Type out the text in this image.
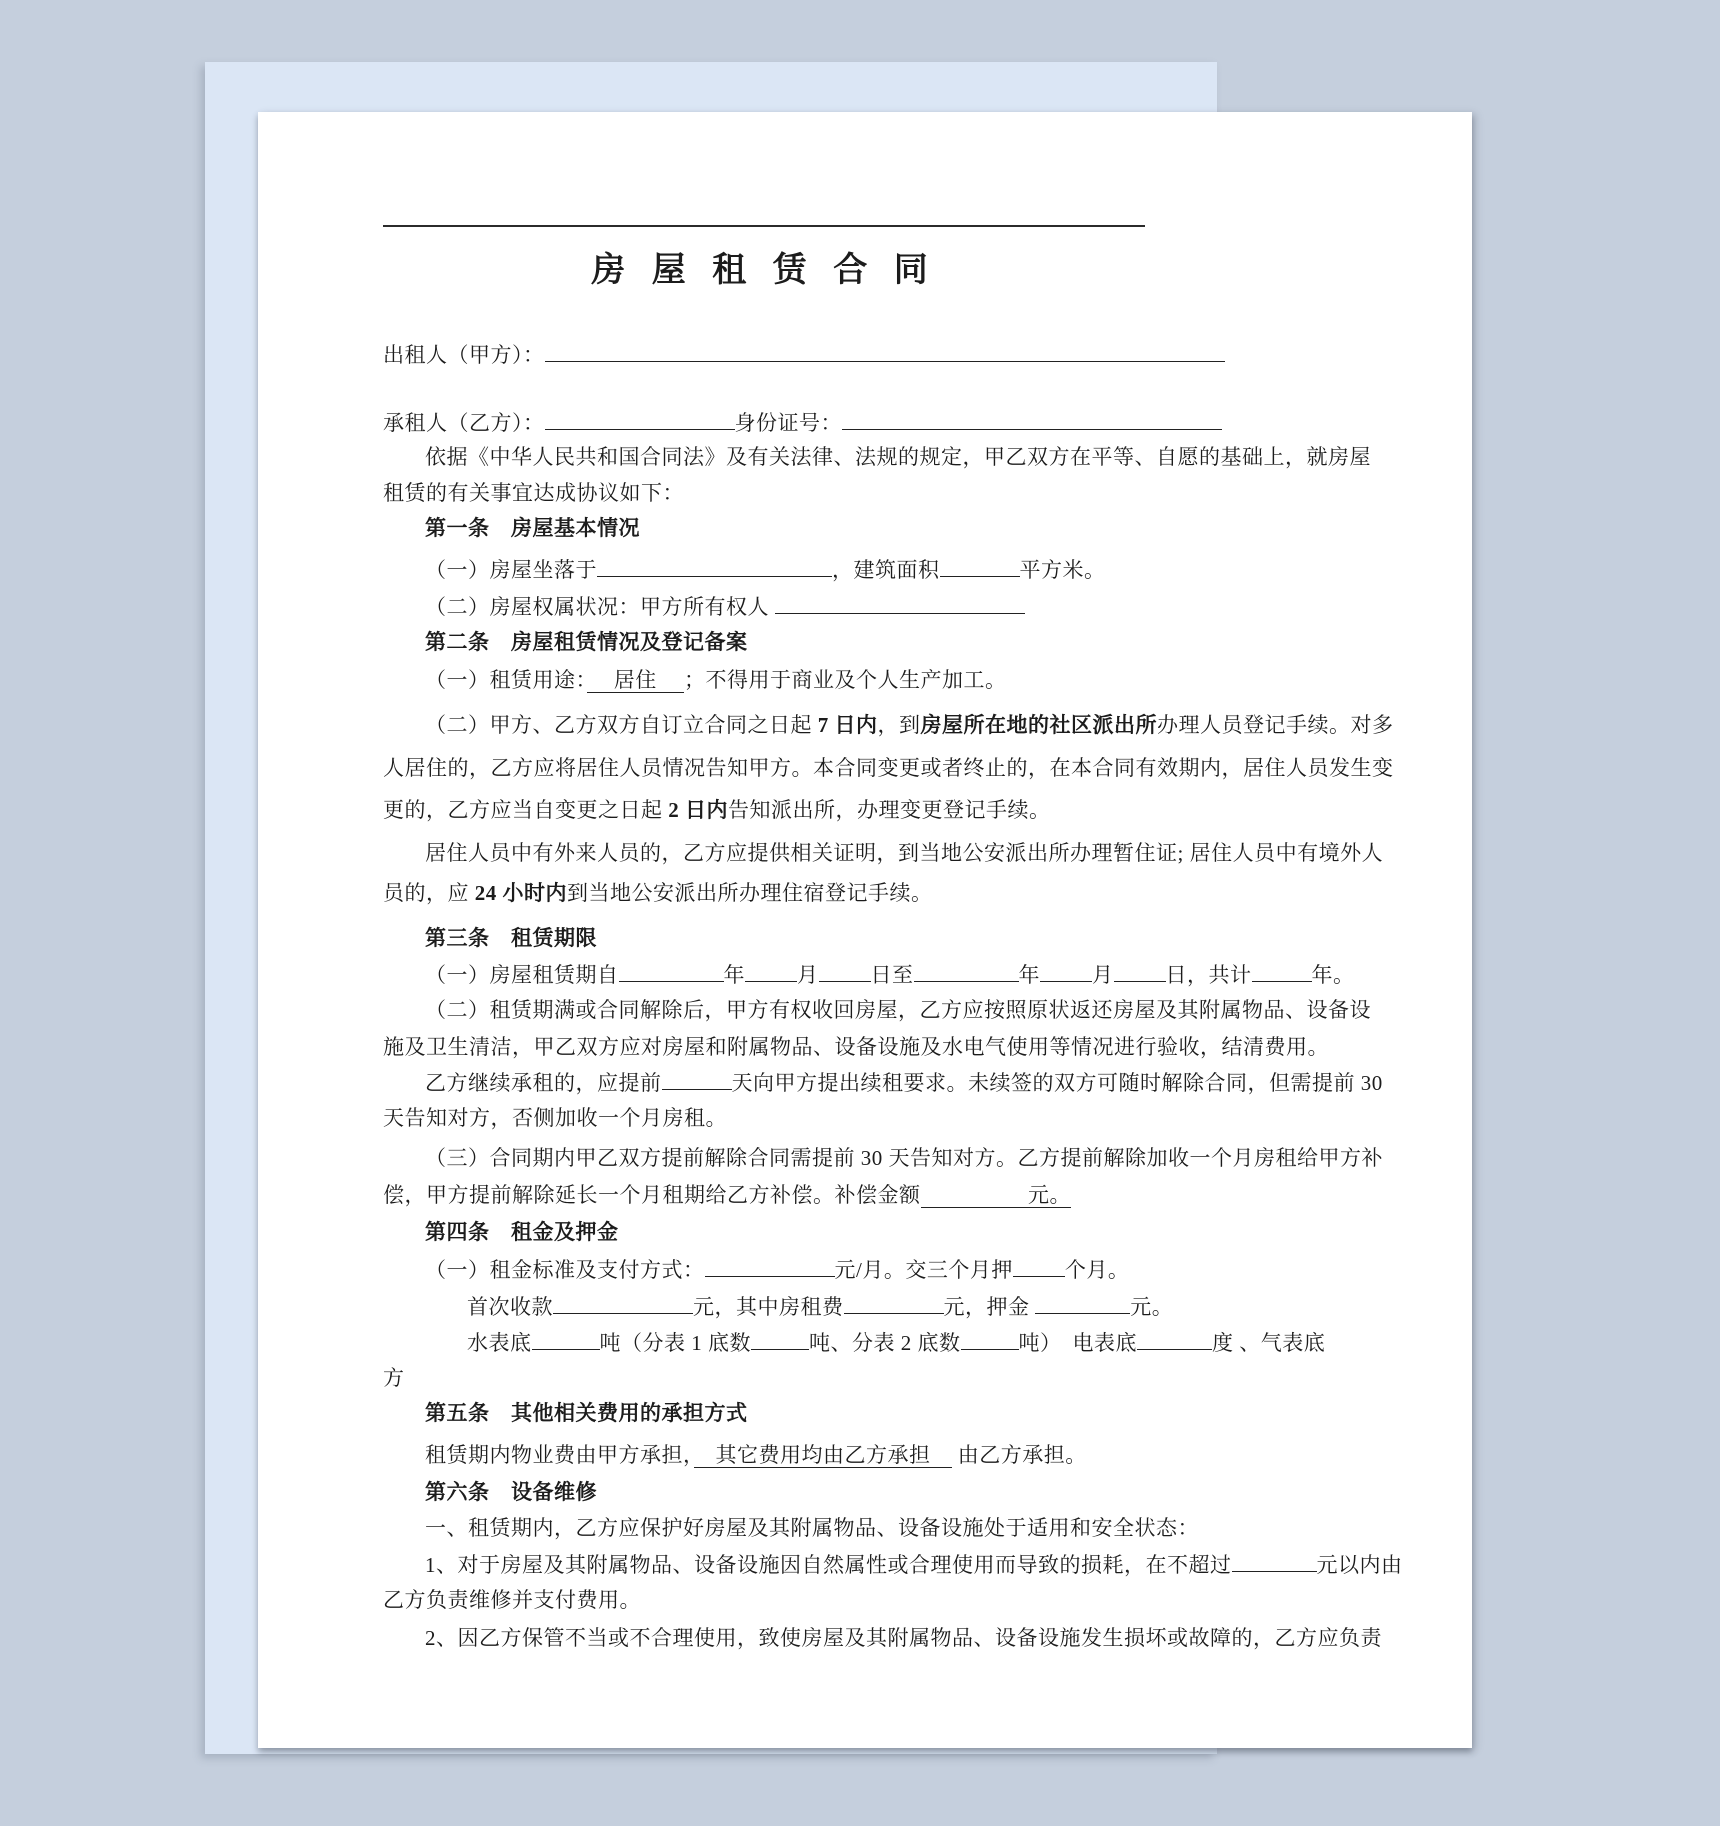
房 屋 租 赁 合 同
出租人（甲方）：
承租人（乙方）：	身份证号：
依据《中华人民共和国合同法》及有关法律、法规的规定，甲乙双方在平等、自愿的基础上，就房屋
租赁的有关事宜达成协议如下：
第一条　房屋基本情况
（一）房屋坐落于	，建筑面积	平方米。
（二）房屋权属状况：甲方所有权人
第二条　房屋租赁情况及登记备案
（一）租赁用途：　 居住 　；不得用于商业及个人生产加工。
（二）甲方、乙方双方自订立合同之日起 7 日内，到房屋所在地的社区派出所办理人员登记手续。对多
人居住的，乙方应将居住人员情况告知甲方。本合同变更或者终止的，在本合同有效期内，居住人员发生变
更的，乙方应当自变更之日起 2 日内告知派出所，办理变更登记手续。
居住人员中有外来人员的，乙方应提供相关证明，到当地公安派出所办理暂住证; 居住人员中有境外人
员的，应 24 小时内到当地公安派出所办理住宿登记手续。
第三条　租赁期限
（一）房屋租赁期自	年 月 日至	年 月 日，共计	年。
（二）租赁期满或合同解除后，甲方有权收回房屋，乙方应按照原状返还房屋及其附属物品、设备设
施及卫生清洁，甲乙双方应对房屋和附属物品、设备设施及水电气使用等情况进行验收，结清费用。
乙方继续承租的，应提前	天向甲方提出续租要求。未续签的双方可随时解除合同，但需提前 30
天告知对方，否侧加收一个月房租。
（三）合同期内甲乙双方提前解除合同需提前 30 天告知对方。乙方提前解除加收一个月房租给甲方补
偿，甲方提前解除延长一个月租期给乙方补偿。补偿金额　　　　　元。
第四条　租金及押金
（一）租金标准及支付方式：	元/月。交三个月押 个月。
首次收款	元，其中房租费	元，押金	元。
水表底	吨（分表 1 底数	吨、分表 2 底数	吨）　电表底	度 、气表底
方
第五条　其他相关费用的承担方式
租赁期内物业费由甲方承担，　其它费用均由乙方承担　 由乙方承担。
第六条　设备维修
一、租赁期内，乙方应保护好房屋及其附属物品、设备设施处于适用和安全状态：
1、对于房屋及其附属物品、设备设施因自然属性或合理使用而导致的损耗，在不超过	元以内由
乙方负责维修并支付费用。
2、因乙方保管不当或不合理使用，致使房屋及其附属物品、设备设施发生损坏或故障的，乙方应负责
